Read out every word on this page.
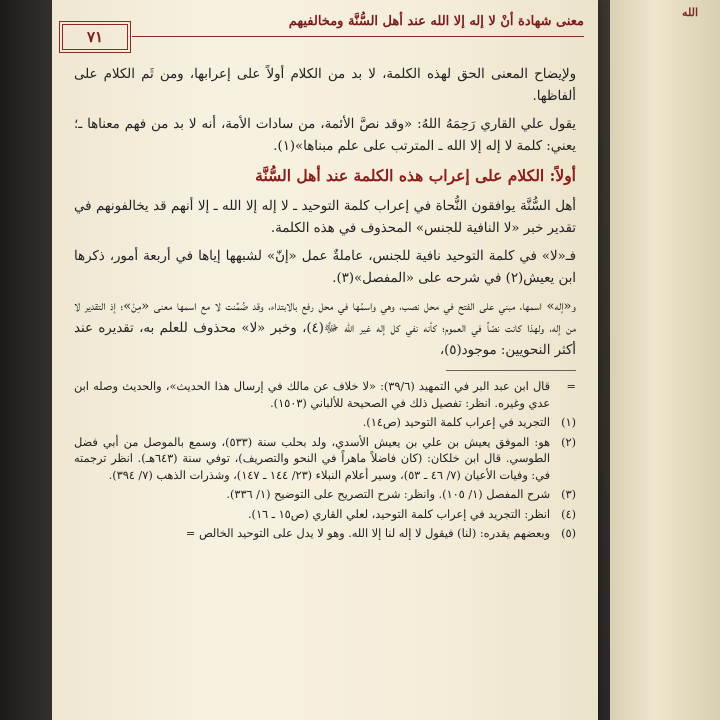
الله
معنى شهادة أنْ لا إله إلا الله عند أهل السُّنَّة ومخالفيهم
٧١

ولإيضاح المعنى الحق لهذه الكلمة، لا بد من الكلام أولاً على إعرابها، ومن ثَم الكلام على ألفاظها.

يقول علي القاري رَحِمَهُ اللهُ: «وقد نصَّ الأئمة، من سادات الأمة، أنه لا بد من فهم معناها ـ؛ يعني: كلمة لا إله إلا الله ـ المترتب على علم مبناها»(١).

أولاً: الكلام على إعراب هذه الكلمة عند أهل السُّنَّة

أهل السُّنَّة يوافقون النُّحاة في إعراب كلمة التوحيد ـ لا إله إلا الله ـ إلا أنهم قد يخالفونهم في تقدير خبر «لا النافية للجنس» المحذوف في هذه الكلمة.

فـ«لا» في كلمة التوحيد نافية للجنس، عاملةٌ عمل «إنّ» لشبهها إياها في أربعة أمور، ذكرها ابن يعيش(٢) في شرحه على «المفصل»(٣).

و«إله» اسمها، مبني على الفتح في محل نصب، وهي واسمُها في محل رفع بالابتداء، وقد ضُمِّنت لا مع اسمها معنى «مِنْ»؛ إذ التقدير لا من إله، ولهذا كانت نصّاً في العموم؛ كأنه نفي كل إله غير الله ﷻ(٤)، وخبر «لا» محذوف للعلم به، تقديره عند أكثر النحويين: موجود(٥)،

=
قال ابن عبد البر في التمهيد (٣٩/٦): «لا خلاف عن مالك في إرسال هذا الحديث»، والحديث وصله ابن عدي وغيره. انظر: تفصيل ذلك في الصحيحة للألباني (١٥٠٣).
(١)
التجريد في إعراب كلمة التوحيد (ص١٤).
(٢)
هو: الموفق يعيش بن علي بن يعيش الأسدي، ولد بحلب سنة (٥٣٣)، وسمع بالموصل من أبي فضل الطوسي. قال ابن خلكان: (كان فاضلاً ماهراً في النحو والتصريف)، توفي سنة (٦٤٣هـ). انظر ترجمته في: وفيات الأعيان (٧/ ٤٦ ـ ٥٣)، وسير أعلام النبلاء (٢٣/ ١٤٤ ـ ١٤٧)، وشذرات الذهب (٧/ ٣٩٤).
(٣)
شرح المفصل (١/ ١٠٥). وانظر: شرح التصريح على التوضيح (١/ ٣٣٦).
(٤)
انظر: التجريد في إعراب كلمة التوحيد، لعلي القاري (ص١٥ ـ ١٦).
(٥)
وبعضهم يقدره: (لنا) فيقول لا إله لنا إلا الله. وهو لا يدل على التوحيد الخالص =
